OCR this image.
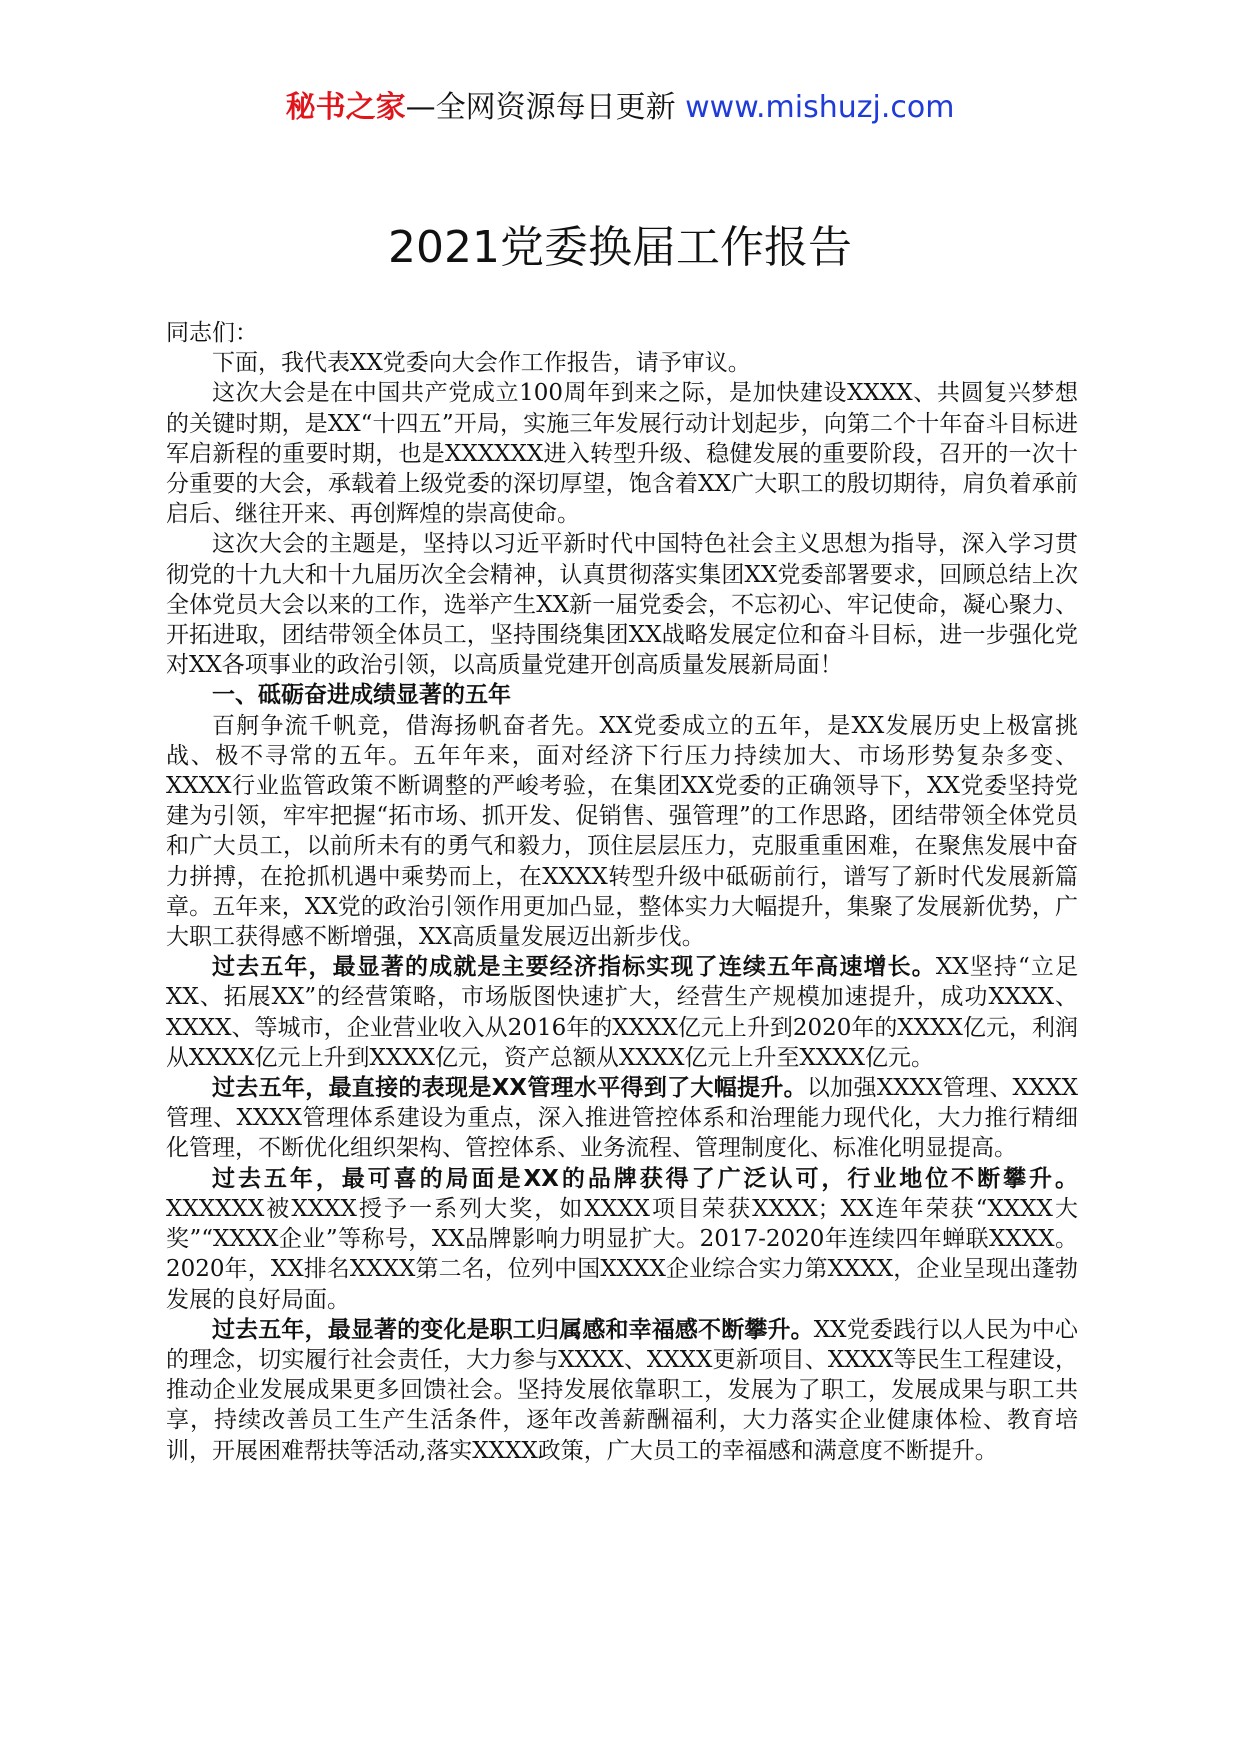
秘书之家—全网资源每日更新 www.mishuzj.com
2021党委换届工作报告

同志们：

下面，我代表XX党委向大会作工作报告，请予审议。

这次大会是在中国共产党成立100周年到来之际，是加快建设XXXX、共圆复兴梦想的关键时期，是XX“十四五”开局，实施三年发展行动计划起步，向第二个十年奋斗目标进军启新程的重要时期，也是XXXXXX进入转型升级、稳健发展的重要阶段，召开的一次十分重要的大会，承载着上级党委的深切厚望，饱含着XX广大职工的殷切期待，肩负着承前启后、继往开来、再创辉煌的崇高使命。

这次大会的主题是，坚持以习近平新时代中国特色社会主义思想为指导，深入学习贯彻党的十九大和十九届历次全会精神，认真贯彻落实集团XX党委部署要求，回顾总结上次全体党员大会以来的工作，选举产生XX新一届党委会，不忘初心、牢记使命，凝心聚力、开拓进取，团结带领全体员工，坚持围绕集团XX战略发展定位和奋斗目标，进一步强化党对XX各项事业的政治引领，以高质量党建开创高质量发展新局面！

一、砥砺奋进成绩显著的五年

百舸争流千帆竞，借海扬帆奋者先。XX党委成立的五年，是XX发展历史上极富挑战、极不寻常的五年。五年年来，面对经济下行压力持续加大、市场形势复杂多变、XXXX行业监管政策不断调整的严峻考验，在集团XX党委的正确领导下，XX党委坚持党建为引领，牢牢把握“拓市场、抓开发、促销售、强管理”的工作思路，团结带领全体党员和广大员工，以前所未有的勇气和毅力，顶住层层压力，克服重重困难，在聚焦发展中奋力拼搏，在抢抓机遇中乘势而上，在XXXX转型升级中砥砺前行，谱写了新时代发展新篇章。五年来，XX党的政治引领作用更加凸显，整体实力大幅提升，集聚了发展新优势，广大职工获得感不断增强，XX高质量发展迈出新步伐。

过去五年，最显著的成就是主要经济指标实现了连续五年高速增长。XX坚持“立足XX、拓展XX”的经营策略，市场版图快速扩大，经营生产规模加速提升，成功XXXX、XXXX、等城市，企业营业收入从2016年的XXXX亿元上升到2020年的XXXX亿元，利润从XXXX亿元上升到XXXX亿元，资产总额从XXXX亿元上升至XXXX亿元。

过去五年，最直接的表现是XX管理水平得到了大幅提升。以加强XXXX管理、XXXX管理、XXXX管理体系建设为重点，深入推进管控体系和治理能力现代化，大力推行精细化管理，不断优化组织架构、管控体系、业务流程、管理制度化、标准化明显提高。

过去五年，最可喜的局面是XX的品牌获得了广泛认可，行业地位不断攀升。XXXXXX被XXXX授予一系列大奖，如XXXX项目荣获XXXX；XX连年荣获“XXXX大奖”“XXXX企业”等称号，XX品牌影响力明显扩大。2017-2020年连续四年蝉联XXXX。2020年，XX排名XXXX第二名，位列中国XXXX企业综合实力第XXXX，企业呈现出蓬勃发展的良好局面。

过去五年，最显著的变化是职工归属感和幸福感不断攀升。XX党委践行以人民为中心的理念，切实履行社会责任，大力参与XXXX、XXXX更新项目、XXXX等民生工程建设，推动企业发展成果更多回馈社会。坚持发展依靠职工，发展为了职工，发展成果与职工共享，持续改善员工生产生活条件，逐年改善薪酬福利，大力落实企业健康体检、教育培训，开展困难帮扶等活动,落实XXXX政策，广大员工的幸福感和满意度不断提升。
